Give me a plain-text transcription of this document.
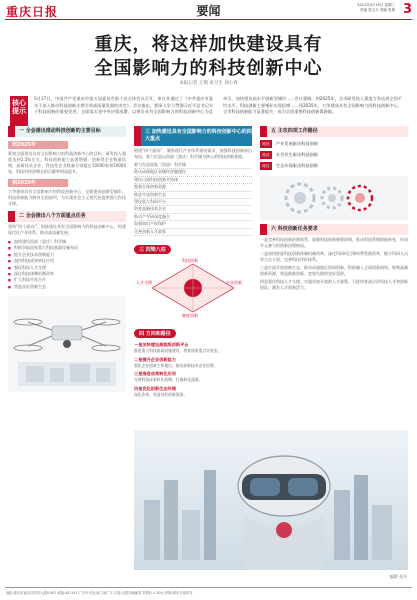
重庆日报	要闻	2021年5月19日 星期三
责编 张文丰 美编 张雄 3
重庆，将这样加快建设具有
全国影响力的科技创新中心
本报记者 王翔 见习生 刘小春
核心提示
5月17日，中国共产党重庆市第五届委员会第十次全体会议召开，审议并通过了《中共重庆市委关于深入推动科技创新支撑引领高质量发展的决定》。会议指出，要深入学习贯彻习近平总书记关于科技创新的重要论述，全面落实党中央决策部署，以建设具有全国影响力的科技创新中心为总牵引，加快建设高水平创新型城市……会议强调，到2025年，全市研发投入强度力争达到全国平均水平，科技创新主要指标实现倍增……到2035年，力争建成具有全国影响力的科技创新中心，全市科技创新能力显著提升，成为全国重要科技创新策源地。
一 全会提出推动科技创新的主要目标
到2025年
紧扣全面建设具有全国影响力的科技创新中心的目标，研发投入强度达到2.5%左右，科技创新能力显著增强，创新型企业数量倍增，高新技术企业、科技型企业数量分别超过10000家和50000家，科技对经济增长的贡献率明显提升。
到2035年
力争建成具有全国影响力的科技创新中心，全面建成创新型城市，科技创新能力跻身全国前列，为实现社会主义现代化提供强大科技支撑。
二 全会提出八个方面重点任务
坚持“四个面向”，围绕建设具有全国影响力的科技创新中心，构建现代化产业体系，推动高质量发展。
■ 加快建设西部（重庆）科学城
■ 积极争取国家重大科技基础设施布局
■ 提升企业技术创新能力
■ 加快科技成果转化应用
■ 强化科技人才支撑
■ 深化科技体制机制改革
■ 扩大科技开放合作
■ 营造良好创新生态
三 加快建设具有全国影响力的科技创新中心的四大重点
围绕“四个面向”，聚焦现代产业体系建设需求，加强科技创新前沿布局，着力打造以西部（重庆）科学城为核心的科技创新基地。
着力打造国家（西部）科学城
推动成渝地区双城经济圈建设
建设川渝科技创新共同体
集聚全球创新资源
推进开放创新生态
建设重大科研平台
培育高新技术企业
推动产学研深度融合
加强知识产权保护
完善创新人才政策
三 四梁八柱
科技创新
产业创新
制度创新
人才支撑
四 方向和路径
一是加快建设高能级创新平台
推进重大科技基础设施建设，培育国家重点实验室。
二是提升企业创新能力
强化企业创新主体地位，推动高新技术企业倍增。
三是推进成果转化应用
完善科技成果转化机制，打通转化通道。
四是优化创新生态环境
深化改革，营造良好创新氛围。
五 主攻四项工作路径
路径	产业发展驱动科技创新
路径	社会民生驱动科技创新
路径	生态环保驱动科技创新
六 科技创新任务要求
一是完善科技创新治理体系。加强科技创新统筹协调，推动科技管理职能转变，形成多元参与的创新治理格局。
二是加快推进科技创新体制机制改革。深化科研项目和经费管理改革，赋予科研人员更大自主权，完善科技评价体系。
三是打造开放创新生态。推动成渝地区协同创新，积极融入全球创新网络，集聚高端创新资源，营造鼓励创新、宽容失败的良好氛围。
四是强化科技人才支撑。实施更加开放的人才政策，引进培育高层次科技人才和创新团队，激发人才创新活力。
编辑 张丹
地址:重庆市渝北区同茂大道416号 邮编:401147 广告许可证:渝工商广字 订阅:全国各地邮局 零售价:1.50元 印刷:重庆日报印务
